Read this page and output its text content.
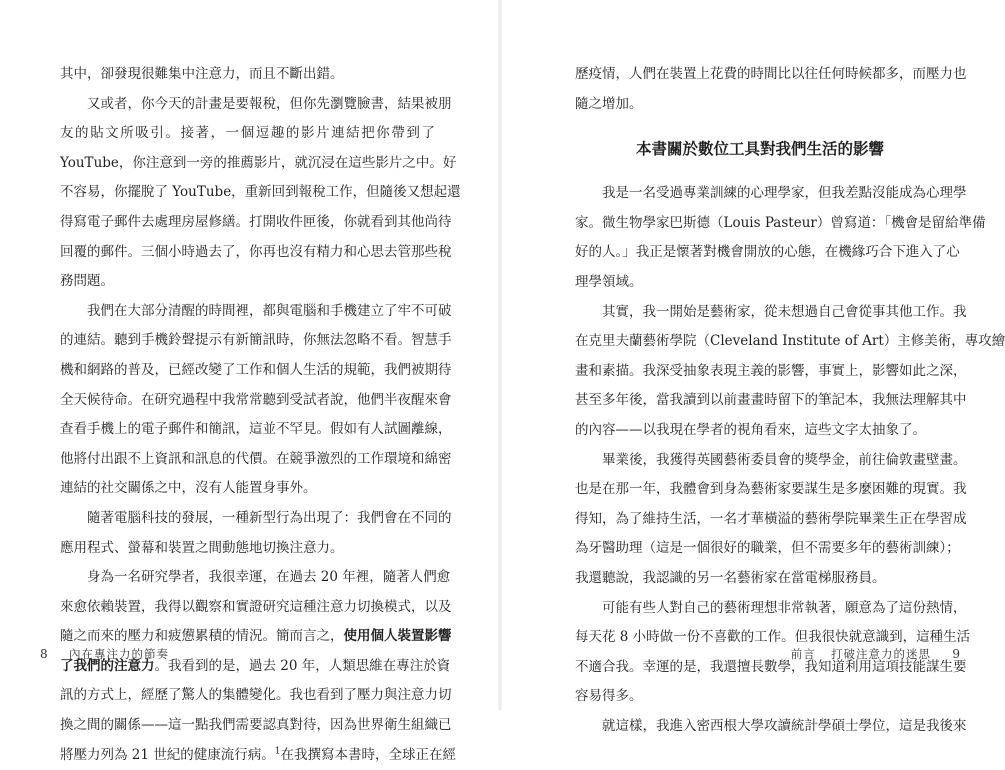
其中，卻發現很難集中注意力，而且不斷出錯。
又或者，你今天的計畫是要報稅，但你先瀏覽臉書，結果被朋
友的貼文所吸引。接著，一個逗趣的影片連結把你帶到了
YouTube，你注意到一旁的推薦影片，就沉浸在這些影片之中。好
不容易，你擺脫了 YouTube，重新回到報稅工作，但隨後又想起還
得寫電子郵件去處理房屋修繕。打開收件匣後，你就看到其他尚待
回覆的郵件。三個小時過去了，你再也沒有精力和心思去管那些稅
務問題。
我們在大部分清醒的時間裡，都與電腦和手機建立了牢不可破
的連結。聽到手機鈴聲提示有新簡訊時，你無法忽略不看。智慧手
機和網路的普及，已經改變了工作和個人生活的規範，我們被期待
全天候待命。在研究過程中我常常聽到受試者說，他們半夜醒來會
查看手機上的電子郵件和簡訊，這並不罕見。假如有人試圖離線，
他將付出跟不上資訊和訊息的代價。在競爭激烈的工作環境和綿密
連結的社交關係之中，沒有人能置身事外。
隨著電腦科技的發展，一種新型行為出現了：我們會在不同的
應用程式、螢幕和裝置之間動態地切換注意力。
身為一名研究學者，我很幸運，在過去 20 年裡，隨著人們愈
來愈依賴裝置，我得以觀察和實證研究這種注意力切換模式，以及
隨之而來的壓力和疲憊累積的情況。簡而言之，使用個人裝置影響
了我們的注意力。我看到的是，過去 20 年，人類思維在專注於資
訊的方式上，經歷了驚人的集體變化。我也看到了壓力與注意力切
換之間的關係——這一點我們需要認真對待，因為世界衛生組織已
將壓力列為 21 世紀的健康流行病。$^1$在我撰寫本書時，全球正在經
8 內在專注力的節奏
歷疫情，人們在裝置上花費的時間比以往任何時候都多，而壓力也
隨之增加。
本書關於數位工具對我們生活的影響
我是一名受過專業訓練的心理學家，但我差點沒能成為心理學
家。微生物學家巴斯德（Louis Pasteur）曾寫道：「機會是留給準備
好的人。」我正是懷著對機會開放的心態，在機緣巧合下進入了心
理學領域。
其實，我一開始是藝術家，從未想過自己會從事其他工作。我
在克里夫蘭藝術學院（Cleveland Institute of Art）主修美術，專攻繪
畫和素描。我深受抽象表現主義的影響，事實上，影響如此之深，
甚至多年後，當我讀到以前畫畫時留下的筆記本，我無法理解其中
的內容——以我現在學者的視角看來，這些文字太抽象了。
畢業後，我獲得英國藝術委員會的獎學金，前往倫敦畫壁畫。
也是在那一年，我體會到身為藝術家要謀生是多麼困難的現實。我
得知，為了維持生活，一名才華橫溢的藝術學院畢業生正在學習成
為牙醫助理（這是一個很好的職業，但不需要多年的藝術訓練）；
我還聽說，我認識的另一名藝術家在當電梯服務員。
可能有些人對自己的藝術理想非常執著，願意為了這份熱情，
每天花 8 小時做一份不喜歡的工作。但我很快就意識到，這種生活
不適合我。幸運的是，我還擅長數學，我知道利用這項技能謀生要
容易得多。
就這樣，我進入密西根大學攻讀統計學碩士學位，這是我後來
前言 打破注意力的迷思 9
